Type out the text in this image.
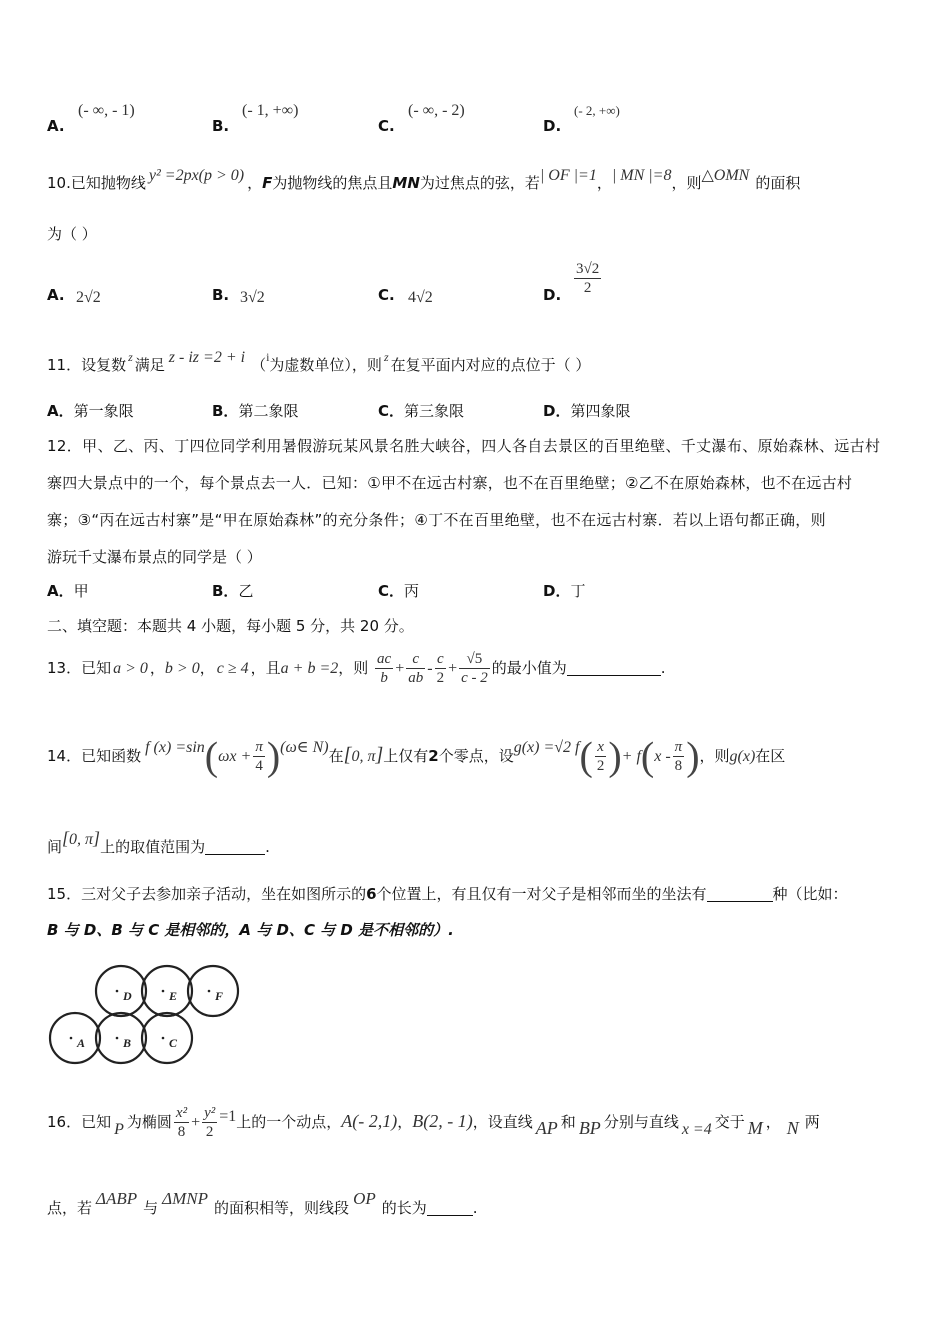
A.
(- ∞, - 1)
B.
(- 1, +∞)
C.
(- ∞, - 2)
D.
(- 2, +∞)
10.已知抛物线 y² =2px(p > 0) ，F为抛物线的焦点且MN为过焦点的弦，若| OF |=1，| MN |=8，则△OMN 的面积
为（ ）
A. 2√2	B. 3√2	C. 4√2	D. $\frac{3√2}{2}$
11．设复数 $^z$ 满足 z - iz =2 + i （$^i$为虚数单位），则 $^z$ 在复平面内对应的点位于（ ）
A．第一象限	B．第二象限	C．第三象限	D．第四象限
12．甲、乙、丙、丁四位同学利用暑假游玩某风景名胜大峡谷，四人各自去景区的百里绝壁、千丈瀑布、原始森林、远古村
寨四大景点中的一个，每个景点去一人．已知：①甲不在远古村寨，也不在百里绝壁；②乙不在原始森林，也不在远古村
寨；③“丙在远古村寨”是“甲在原始森林”的充分条件；④丁不在百里绝壁，也不在远古村寨．若以上语句都正确，则
游玩千丈瀑布景点的同学是（ ）
A．甲	B．乙	C．丙	D．丁
二、填空题：本题共 4 小题，每小题 5 分，共 20 分。
13．已知 a > 0 ，b > 0， c ≥ 4 ，且a + b =2，则 $\frac{ac}{b} + \frac{c}{ab} - \frac{c}{2} + \frac{√5}{c - 2}$ 的最小值为	.
14．已知函数 f $(x) =\sin(\omega x + \frac{\pi}{4}$ )(ω∈ N)在[0, π]上仅有2个零点，设g(x) =√2 $f( \frac{x}{2}$ )+ $f(x - \frac{\pi}{8}$ )，则g(x)在区
间[0, π]上的取值范围为	.
15．三对父子去参加亲子活动，坐在如图所示的6个位置上，有且仅有一对父子是相邻而坐的坐法有	种（比如：
B 与 D、B 与 C 是相邻的，A 与 D、C 与 D 是不相邻的）.
D	E	F
A	B	C
16．已知 P 为椭圆 $\frac{\text{x²}}{8} + \frac{\text{y²}}{2} =1$上的一个动点，A(- 2,1)，B(2, - 1)，设直线 AP 和 BP 分别与直线 x =4 交于 M ， N 两
点，若 ΔABP 与 ΔMNP 的面积相等，则线段 OP 的长为	.
